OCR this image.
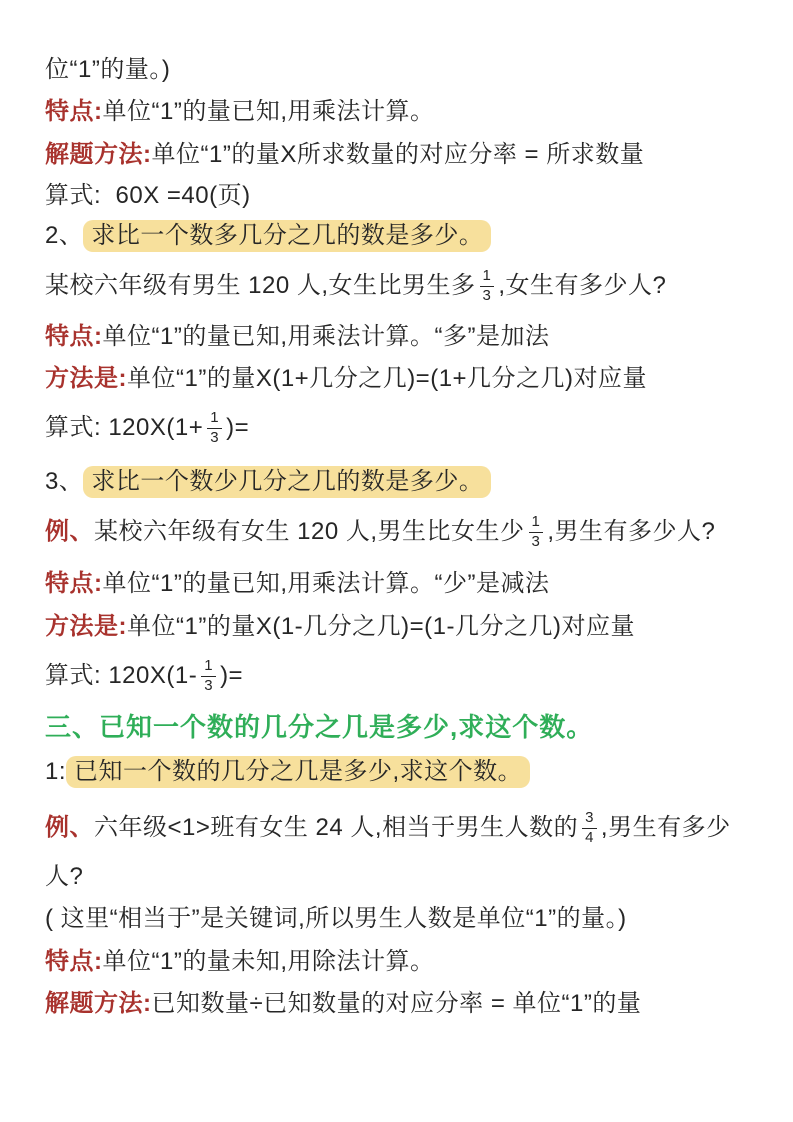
位“1”的量。)
特点:单位“1”的量已知,用乘法计算。
解题方法:单位“1”的量X所求数量的对应分率 = 所求数量
算式:  60X =40(页)
2、 求比一个数多几分之几的数是多少。
某校六年级有男生 120 人,女生比男生多 $\frac{1}{3}$ ,女生有多少人?
特点:单位“1”的量已知,用乘法计算。“多”是加法
方法是:单位“1”的量X(1+几分之几)=(1+几分之几)对应量
算式: $120X(1+ \frac{1}{3}$ )=
3、 求比一个数少几分之几的数是多少。
例、 某校六年级有女生 120 人,男生比女生少 $\frac{1}{3}$ ,男生有多少人?
特点:单位“1”的量已知,用乘法计算。“少”是减法
方法是:单位“1”的量X(1-几分之几)=(1-几分之几)对应量
算式: $120X(1- \frac{1}{3}$ )=
三、已知一个数的几分之几是多少,求这个数。
1: 已知一个数的几分之几是多少,求这个数。
例、 六年级<1>班有女生 24 人,相当于男生人数的 $\frac{3}{4}$ ,男生有多少
人?
( 这里“相当于”是关键词,所以男生人数是单位“1”的量。)
特点:单位“1”的量未知,用除法计算。
解题方法:已知数量÷已知数量的对应分率 = 单位“1”的量
